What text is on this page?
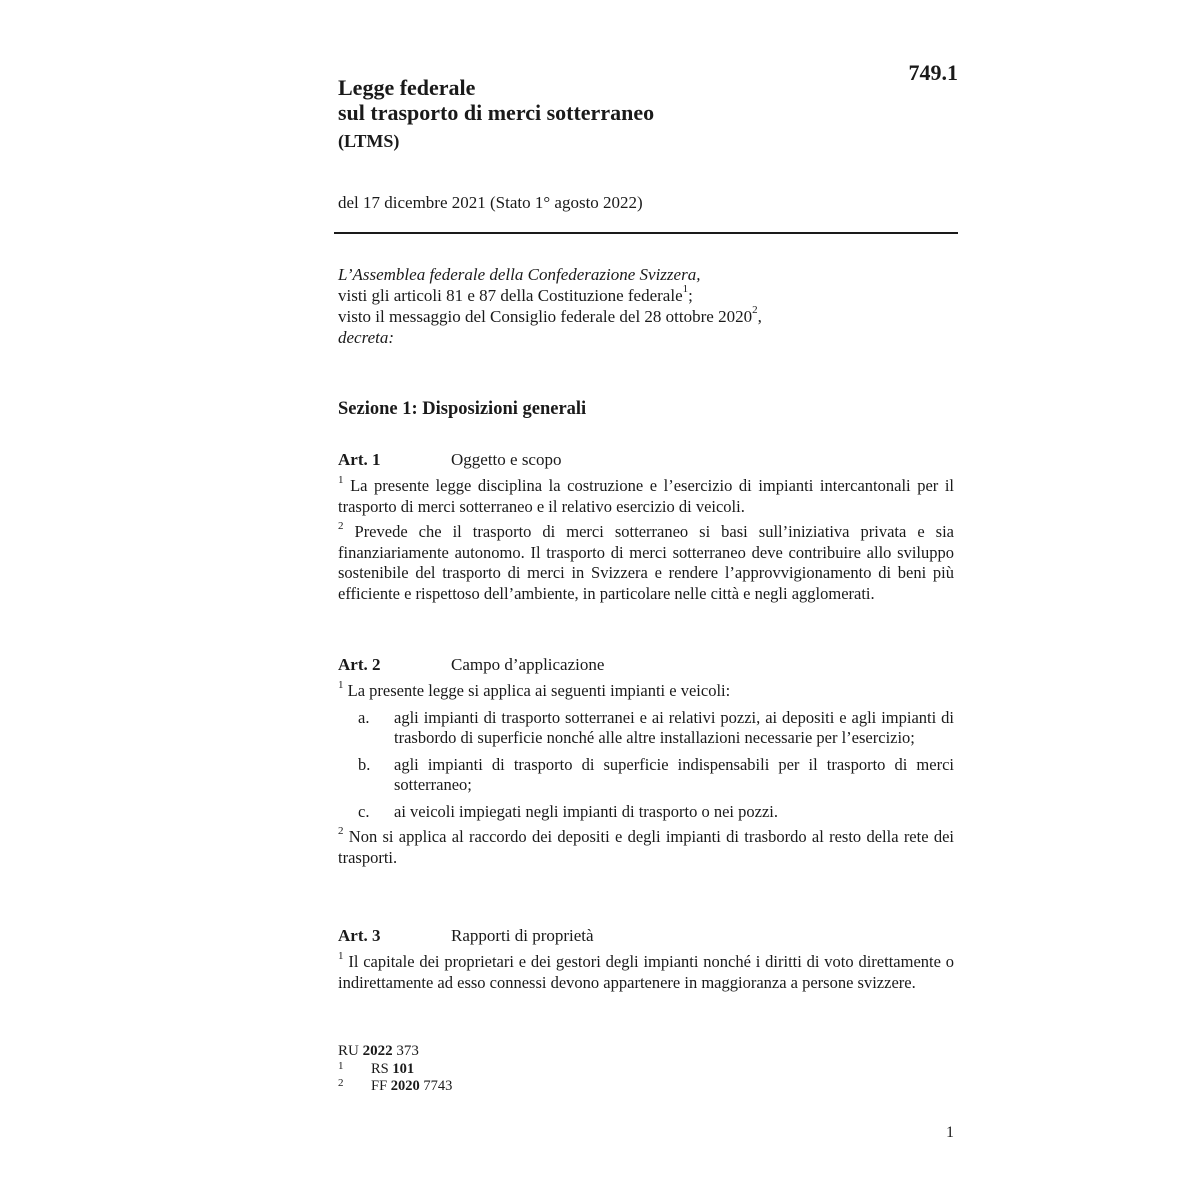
749.1
Legge federale
sul trasporto di merci sotterraneo
(LTMS)
del 17 dicembre 2021 (Stato 1° agosto 2022)
L’Assemblea federale della Confederazione Svizzera,
visti gli articoli 81 e 87 della Costituzione federale$^1$;
visto il messaggio del Consiglio federale del 28 ottobre 2020$^2$,
decreta:
Sezione 1: Disposizioni generali
Art. 1	Oggetto e scopo

$^1$ La presente legge disciplina la costruzione e l’esercizio di impianti intercantonali per il trasporto di merci sotterraneo e il relativo esercizio di veicoli.

$^2$ Prevede che il trasporto di merci sotterraneo si basi sull’iniziativa privata e sia finanziariamente autonomo. Il trasporto di merci sotterraneo deve contribuire allo sviluppo sostenibile del trasporto di merci in Svizzera e rendere l’approvvigionamento di beni più efficiente e rispettoso dell’ambiente, in particolare nelle città e negli agglomerati.

Art. 2	Campo d’applicazione

$^1$ La presente legge si applica ai seguenti impianti e veicoli:

a. agli impianti di trasporto sotterranei e ai relativi pozzi, ai depositi e agli impianti di trasbordo di superficie nonché alle altre installazioni necessarie per l’esercizio;
b. agli impianti di trasporto di superficie indispensabili per il trasporto di merci sotterraneo;
c. ai veicoli impiegati negli impianti di trasporto o nei pozzi.

$^2$ Non si applica al raccordo dei depositi e degli impianti di trasbordo al resto della rete dei trasporti.

Art. 3	Rapporti di proprietà

$^1$ Il capitale dei proprietari e dei gestori degli impianti nonché i diritti di voto direttamente o indirettamente ad esso connessi devono appartenere in maggioranza a persone svizzere.

RU 2022 373
1 RS 101
2 FF 2020 7743
1
